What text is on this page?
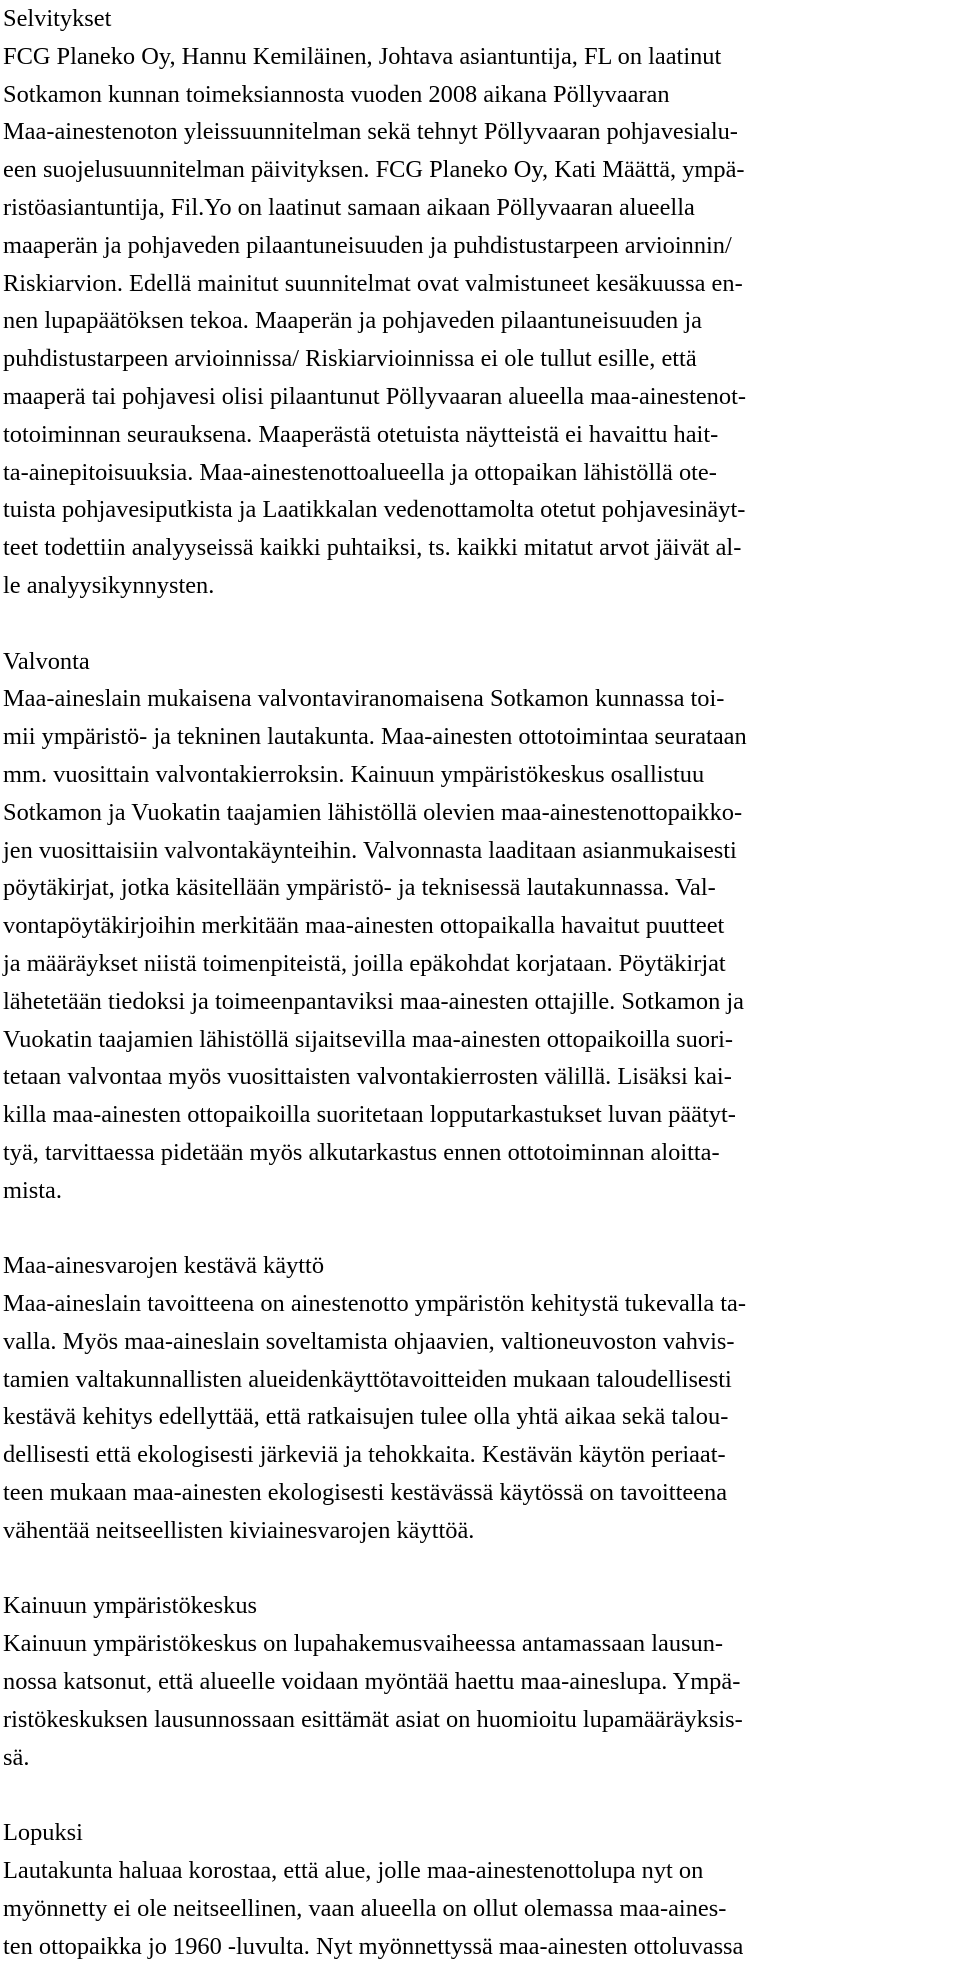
Selvitykset
FCG Planeko Oy, Hannu Kemiläinen, Johtava asiantuntija, FL on laatinut
Sotkamon kunnan toimeksiannosta vuoden 2008 aikana Pöllyvaaran
Maa-ainestenoton yleissuunnitelman sekä tehnyt Pöllyvaaran pohjavesialu-
een suojelusuunnitelman päivityksen. FCG Planeko Oy, Kati Määttä, ympä-
ristöasiantuntija, Fil.Yo on laatinut samaan aikaan Pöllyvaaran alueella
maaperän ja pohjaveden pilaantuneisuuden ja puhdistustarpeen arvioinnin/
Riskiarvion. Edellä mainitut suunnitelmat ovat valmistuneet kesäkuussa en-
nen lupapäätöksen tekoa. Maaperän ja pohjaveden pilaantuneisuuden ja
puhdistustarpeen arvioinnissa/ Riskiarvioinnissa ei ole tullut esille, että
maaperä tai pohjavesi olisi pilaantunut Pöllyvaaran alueella maa-ainestenot-
totoiminnan seurauksena. Maaperästä otetuista näytteistä ei havaittu hait-
ta-ainepitoisuuksia. Maa-ainestenottoalueella ja ottopaikan lähistöllä ote-
tuista pohjavesiputkista ja Laatikkalan vedenottamolta otetut pohjavesinäyt-
teet todettiin analyyseissä kaikki puhtaiksi, ts. kaikki mitatut arvot jäivät al-
le analyysikynnysten.
Valvonta
Maa-aineslain mukaisena valvontaviranomaisena Sotkamon kunnassa toi-
mii ympäristö- ja tekninen lautakunta. Maa-ainesten ottotoimintaa seurataan
mm. vuosittain valvontakierroksin. Kainuun ympäristökeskus osallistuu
Sotkamon ja Vuokatin taajamien lähistöllä olevien maa-ainestenottopaikko-
jen vuosittaisiin valvontakäynteihin. Valvonnasta laaditaan asianmukaisesti
pöytäkirjat, jotka käsitellään ympäristö- ja teknisessä lautakunnassa. Val-
vontapöytäkirjoihin merkitään maa-ainesten ottopaikalla havaitut puutteet
ja määräykset niistä toimenpiteistä, joilla epäkohdat korjataan. Pöytäkirjat
lähetetään tiedoksi ja toimeenpantaviksi maa-ainesten ottajille. Sotkamon ja
Vuokatin taajamien lähistöllä sijaitsevilla maa-ainesten ottopaikoilla suori-
tetaan valvontaa myös vuosittaisten valvontakierrosten välillä. Lisäksi kai-
killa maa-ainesten ottopaikoilla suoritetaan lopputarkastukset luvan päätyt-
tyä, tarvittaessa pidetään myös alkutarkastus ennen ottotoiminnan aloitta-
mista.
Maa-ainesvarojen kestävä käyttö
Maa-aineslain tavoitteena on ainestenotto ympäristön kehitystä tukevalla ta-
valla. Myös maa-aineslain soveltamista ohjaavien, valtioneuvoston vahvis-
tamien valtakunnallisten alueidenkäyttötavoitteiden mukaan taloudellisesti
kestävä kehitys edellyttää, että ratkaisujen tulee olla yhtä aikaa sekä talou-
dellisesti että ekologisesti järkeviä ja tehokkaita. Kestävän käytön periaat-
teen mukaan maa-ainesten ekologisesti kestävässä käytössä on tavoitteena
vähentää neitseellisten kiviainesvarojen käyttöä.
Kainuun ympäristökeskus
Kainuun ympäristökeskus on lupahakemusvaiheessa antamassaan lausun-
nossa katsonut, että alueelle voidaan myöntää haettu maa-aineslupa. Ympä-
ristökeskuksen lausunnossaan esittämät asiat on huomioitu lupamääräyksis-
sä.
Lopuksi
Lautakunta haluaa korostaa, että alue, jolle maa-ainestenottolupa nyt on
myönnetty ei ole neitseellinen, vaan alueella on ollut olemassa maa-aines-
ten ottopaikka jo 1960 -luvulta. Nyt myönnettyssä maa-ainesten ottoluvassa
